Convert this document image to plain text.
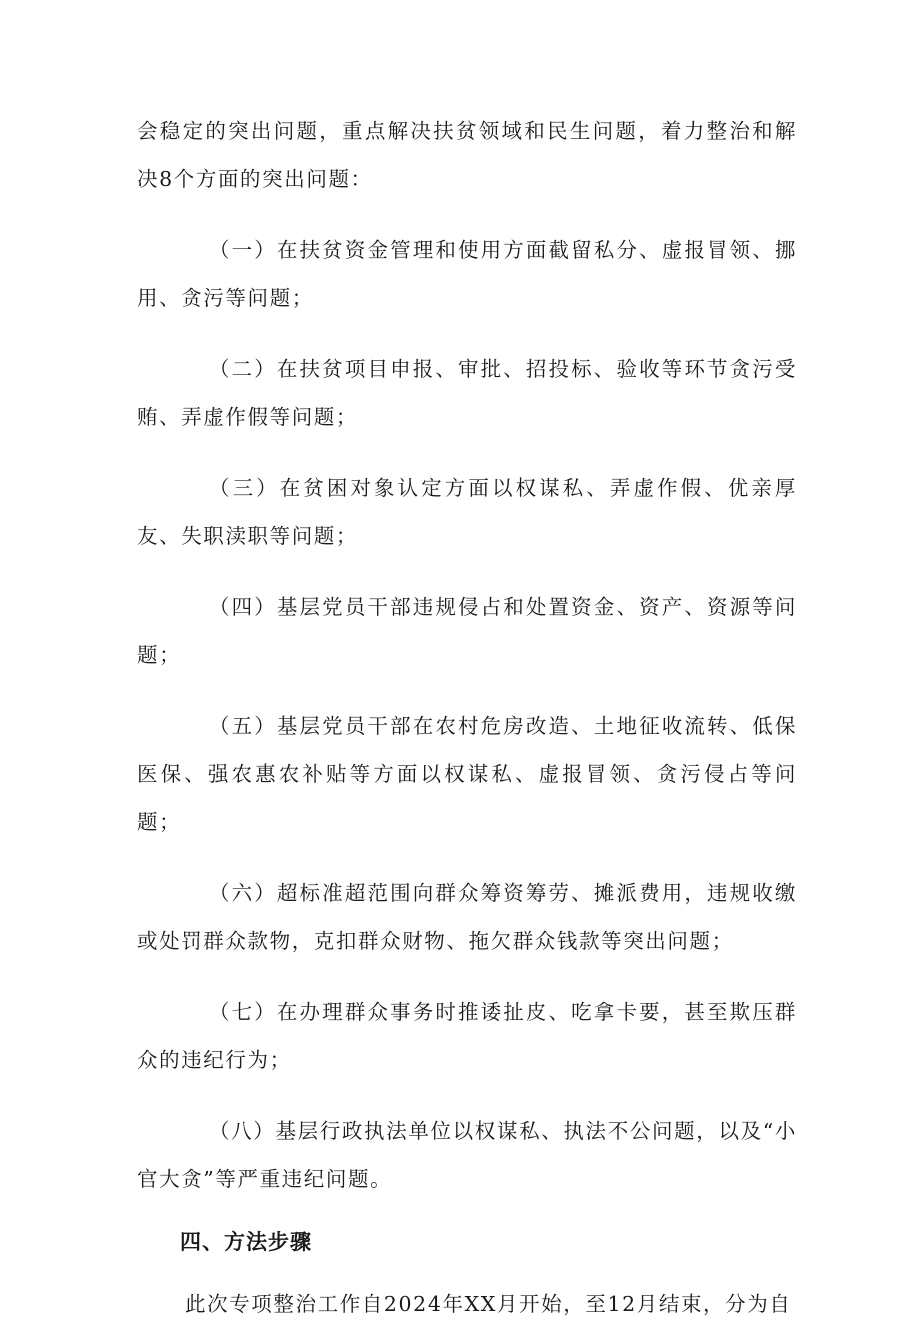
会稳定的突出问题，重点解决扶贫领域和民生问题，着力整治和解决8个方面的突出问题：

（一）在扶贫资金管理和使用方面截留私分、虚报冒领、挪用、贪污等问题；

（二）在扶贫项目申报、审批、招投标、验收等环节贪污受贿、弄虚作假等问题；

（三）在贫困对象认定方面以权谋私、弄虚作假、优亲厚友、失职渎职等问题；

（四）基层党员干部违规侵占和处置资金、资产、资源等问题；

（五）基层党员干部在农村危房改造、土地征收流转、低保医保、强农惠农补贴等方面以权谋私、虚报冒领、贪污侵占等问题；

（六）超标准超范围向群众筹资筹劳、摊派费用，违规收缴或处罚群众款物，克扣群众财物、拖欠群众钱款等突出问题；

（七）在办理群众事务时推诿扯皮、吃拿卡要，甚至欺压群众的违纪行为；

（八）基层行政执法单位以权谋私、执法不公问题，以及“小官大贪”等严重违纪问题。

四、方法步骤

此次专项整治工作自2024年XX月开始，至12月结束，分为自
